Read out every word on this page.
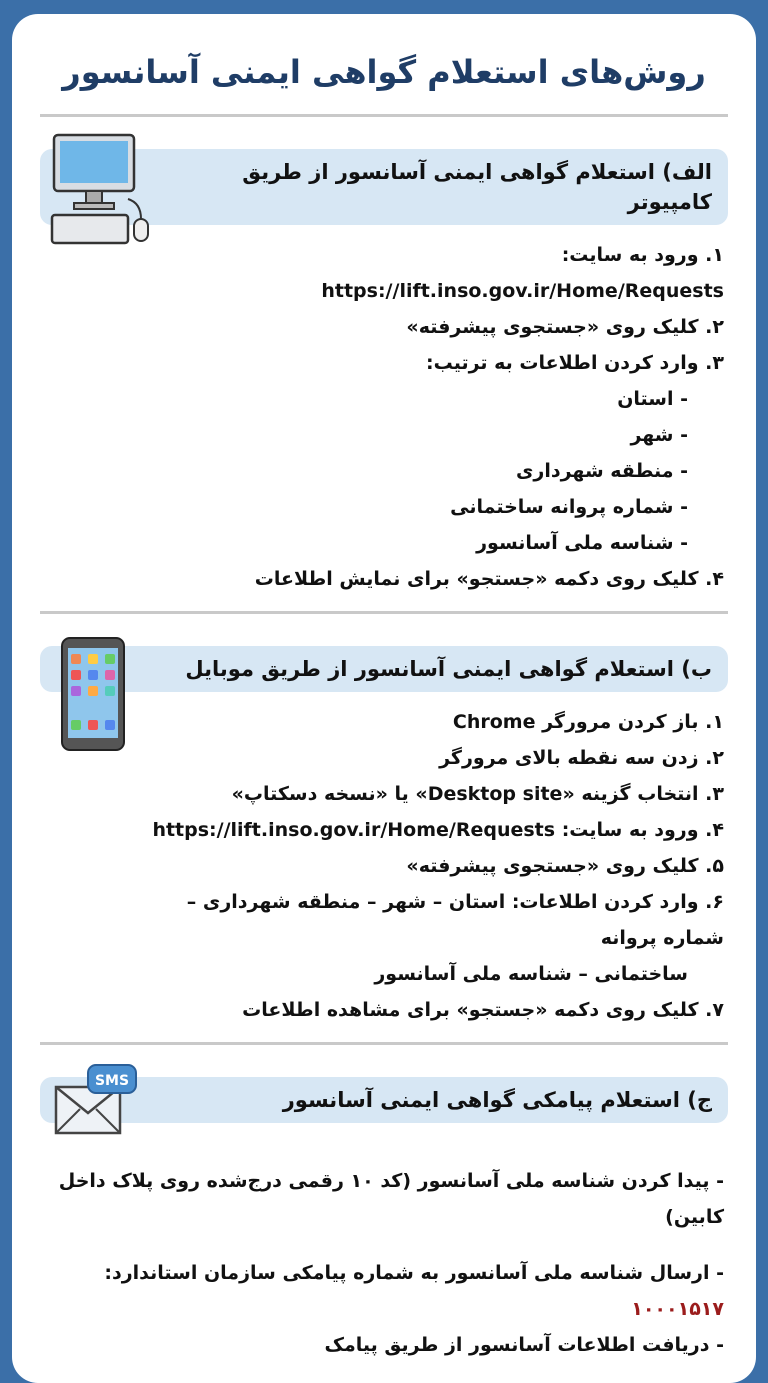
روش‌های استعلام گواهی ایمنی آسانسور
الف) استعلام گواهی ایمنی آسانسور از طریق کامپیوتر
۱. ورود به سایت: https://lift.inso.gov.ir/Home/Requests
۲. کلیک روی «جستجوی پیشرفته»
۳. وارد کردن اطلاعات به ترتیب:
- استان
- شهر
- منطقه شهرداری
- شماره پروانه ساختمانی
- شناسه ملی آسانسور
۴. کلیک روی دکمه «جستجو» برای نمایش اطلاعات
ب) استعلام گواهی ایمنی آسانسور از طریق موبایل
۱. باز کردن مرورگر Chrome
۲. زدن سه نقطه بالای مرورگر
۳. انتخاب گزینه «Desktop site» یا «نسخه دسکتاپ»
۴. ورود به سایت: https://lift.inso.gov.ir/Home/Requests
۵. کلیک روی «جستجوی پیشرفته»
۶. وارد کردن اطلاعات: استان – شهر – منطقه شهرداری – شماره پروانه
ساختمانی – شناسه ملی آسانسور
۷. کلیک روی دکمه «جستجو» برای مشاهده اطلاعات
SMS
ج) استعلام پیامکی گواهی ایمنی آسانسور
- پیدا کردن شناسه ملی آسانسور (کد ۱۰ رقمی درج‌شده روی پلاک داخل کابین)
- ارسال شناسه ملی آسانسور به شماره پیامکی سازمان استاندارد: ۱۰۰۰۱۵۱۷
- دریافت اطلاعات آسانسور از طریق پیامک
